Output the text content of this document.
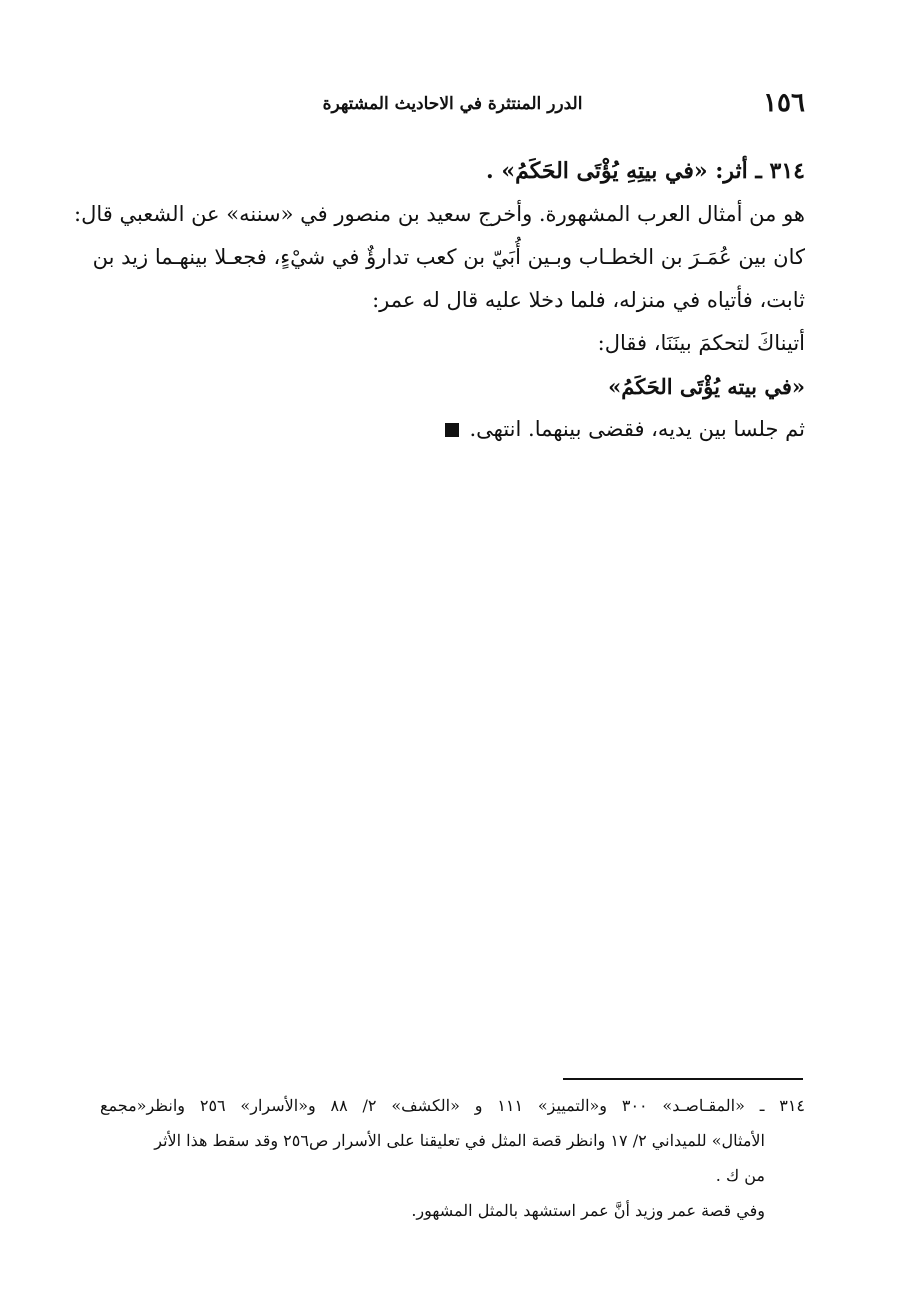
١٥٦
الدرر المنتثرة في الاحاديث المشتهرة
٣١٤ ـ أثر: «في بيتِهِ يُؤْتَى الحَكَمُ» .
هو من أمثال العرب المشهورة. وأخرج سعيد بن منصور في «سننه» عن الشعبي قال:
كان بين عُمَـرَ بن الخطـاب وبـين أُبَيّ بن كعب تدارؤٌ في شيْءٍ، فجعـلا بينهـما زيد بن
ثابت، فأتياه في منزله، فلما دخلا عليه قال له عمر:
أتيناكَ لتحكمَ بينَنَا، فقال:
«في بيته يُؤْتَى الحَكَمُ»
ثم جلسا بين يديه، فقضى بينهما. انتهى.
٣١٤ ـ «المقـاصـد» ٣٠٠ و«التمييز» ١١١ و «الكشف» ٢/ ٨٨ و«الأسرار» ٢٥٦ وانظر«مجمع
الأمثال» للميداني ٢/ ١٧ وانظر قصة المثل في تعليقنا على الأسرار ص٢٥٦ وقد سقط هذا الأثر
من ك .
وفي قصة عمر وزيد أنَّ عمر استشهد بالمثل المشهور.
